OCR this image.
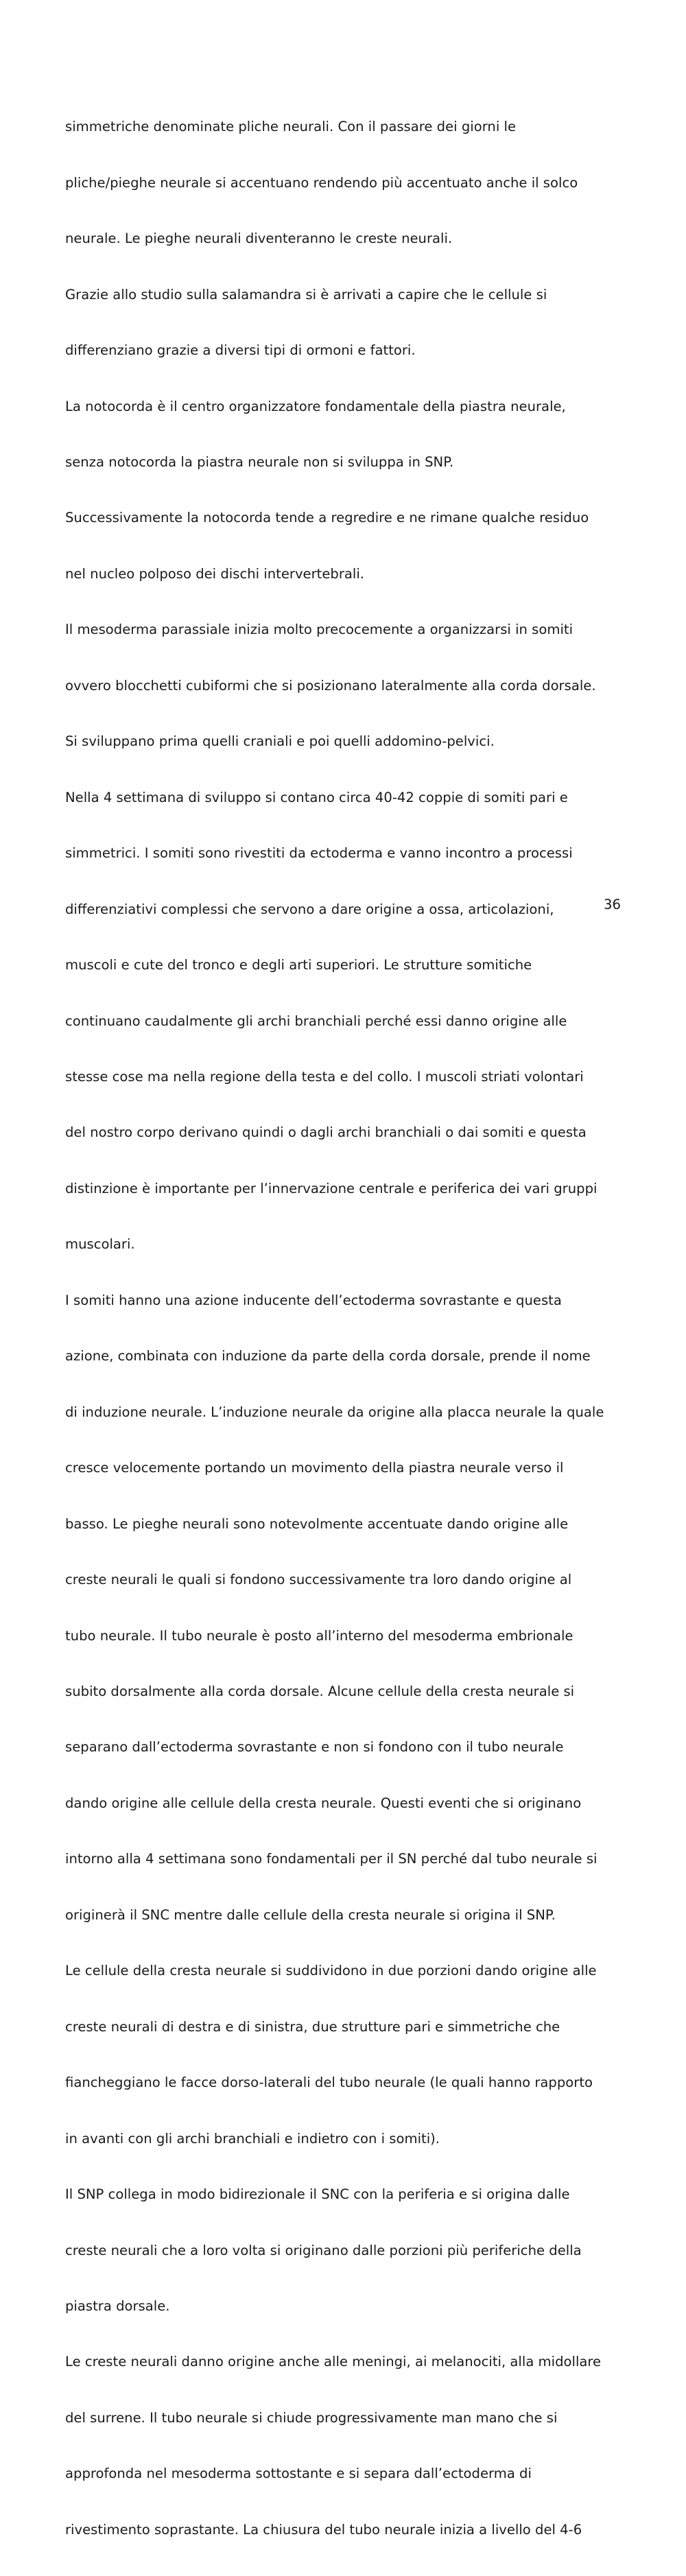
simmetriche denominate pliche neurali. Con il passare dei giorni le

pliche/pieghe neurale si accentuano rendendo più accentuato anche il solco

neurale. Le pieghe neurali diventeranno le creste neurali.

Grazie allo studio sulla salamandra si è arrivati a capire che le cellule si

differenziano grazie a diversi tipi di ormoni e fattori.

La notocorda è il centro organizzatore fondamentale della piastra neurale,

senza notocorda la piastra neurale non si sviluppa in SNP.

Successivamente la notocorda tende a regredire e ne rimane qualche residuo

nel nucleo polposo dei dischi intervertebrali.

Il mesoderma parassiale inizia molto precocemente a organizzarsi in somiti

ovvero blocchetti cubiformi che si posizionano lateralmente alla corda dorsale.

Si sviluppano prima quelli craniali e poi quelli addomino-pelvici.

Nella 4 settimana di sviluppo si contano circa 40-42 coppie di somiti pari e

simmetrici. I somiti sono rivestiti da ectoderma e vanno incontro a processi

differenziativi complessi che servono a dare origine a ossa, articolazioni,

muscoli e cute del tronco e degli arti superiori. Le strutture somitiche

continuano caudalmente gli archi branchiali perché essi danno origine alle

stesse cose ma nella regione della testa e del collo. I muscoli striati volontari

del nostro corpo derivano quindi o dagli archi branchiali o dai somiti e questa

distinzione è importante per l’innervazione centrale e periferica dei vari gruppi

muscolari.

I somiti hanno una azione inducente dell’ectoderma sovrastante e questa

azione, combinata con induzione da parte della corda dorsale, prende il nome

di induzione neurale. L’induzione neurale da origine alla placca neurale la quale

cresce velocemente portando un movimento della piastra neurale verso il

basso. Le pieghe neurali sono notevolmente accentuate dando origine alle

creste neurali le quali si fondono successivamente tra loro dando origine al

tubo neurale. Il tubo neurale è posto all’interno del mesoderma embrionale

subito dorsalmente alla corda dorsale. Alcune cellule della cresta neurale si

separano dall’ectoderma sovrastante e non si fondono con il tubo neurale

dando origine alle cellule della cresta neurale. Questi eventi che si originano

intorno alla 4 settimana sono fondamentali per il SN perché dal tubo neurale si

originerà il SNC mentre dalle cellule della cresta neurale si origina il SNP.

Le cellule della cresta neurale si suddividono in due porzioni dando origine alle

creste neurali di destra e di sinistra, due strutture pari e simmetriche che

fiancheggiano le facce dorso-laterali del tubo neurale (le quali hanno rapporto

in avanti con gli archi branchiali e indietro con i somiti).

Il SNP collega in modo bidirezionale il SNC con la periferia e si origina dalle

creste neurali che a loro volta si originano dalle porzioni più periferiche della

piastra dorsale.

Le creste neurali danno origine anche alle meningi, ai melanociti, alla midollare

del surrene. Il tubo neurale si chiude progressivamente man mano che si

approfonda nel mesoderma sottostante e si separa dall’ectoderma di

rivestimento soprastante. La chiusura del tubo neurale inizia a livello del 4-6

36
